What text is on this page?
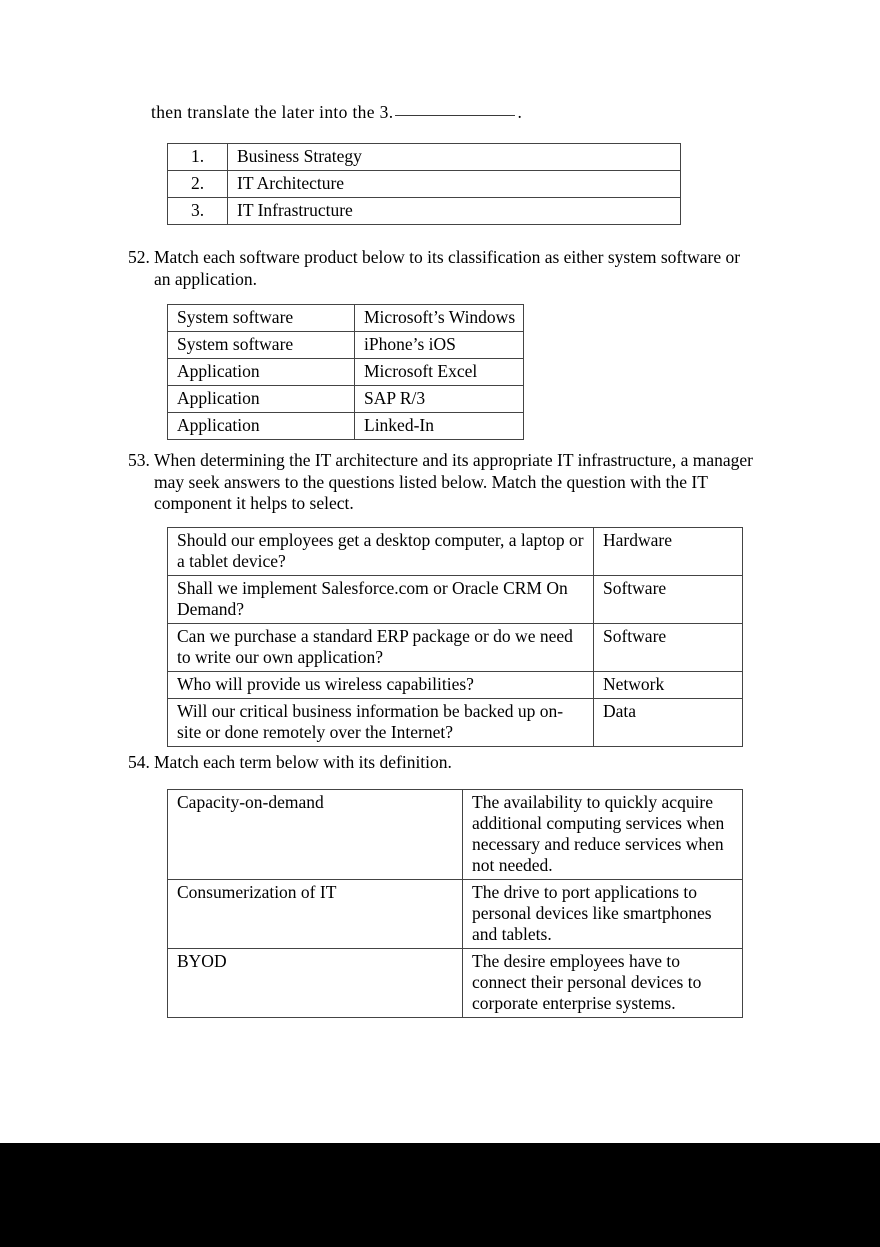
then translate the later into the 3.	.
1.	Business Strategy
2.	IT Architecture
3.	IT Infrastructure
52. Match each software product below to its classification as either system software or an application.
System software	Microsoft’s Windows
System software	iPhone’s iOS
Application	Microsoft Excel
Application	SAP R/3
Application	Linked-In
53. When determining the IT architecture and its appropriate IT infrastructure, a manager may seek answers to the questions listed below. Match the question with the IT component it helps to select.
Should our employees get a desktop computer, a laptop or a tablet device?	Hardware
Shall we implement Salesforce.com or Oracle CRM On Demand?	Software
Can we purchase a standard ERP package or do we need to write our own application?	Software
Who will provide us wireless capabilities?	Network
Will our critical business information be backed up on-site or done remotely over the Internet?	Data
54. Match each term below with its definition.
Capacity-on-demand	The availability to quickly acquire additional computing services when necessary and reduce services when not needed.
Consumerization of IT	The drive to port applications to personal devices like smartphones and tablets.
BYOD	The desire employees have to connect their personal devices to corporate enterprise systems.
